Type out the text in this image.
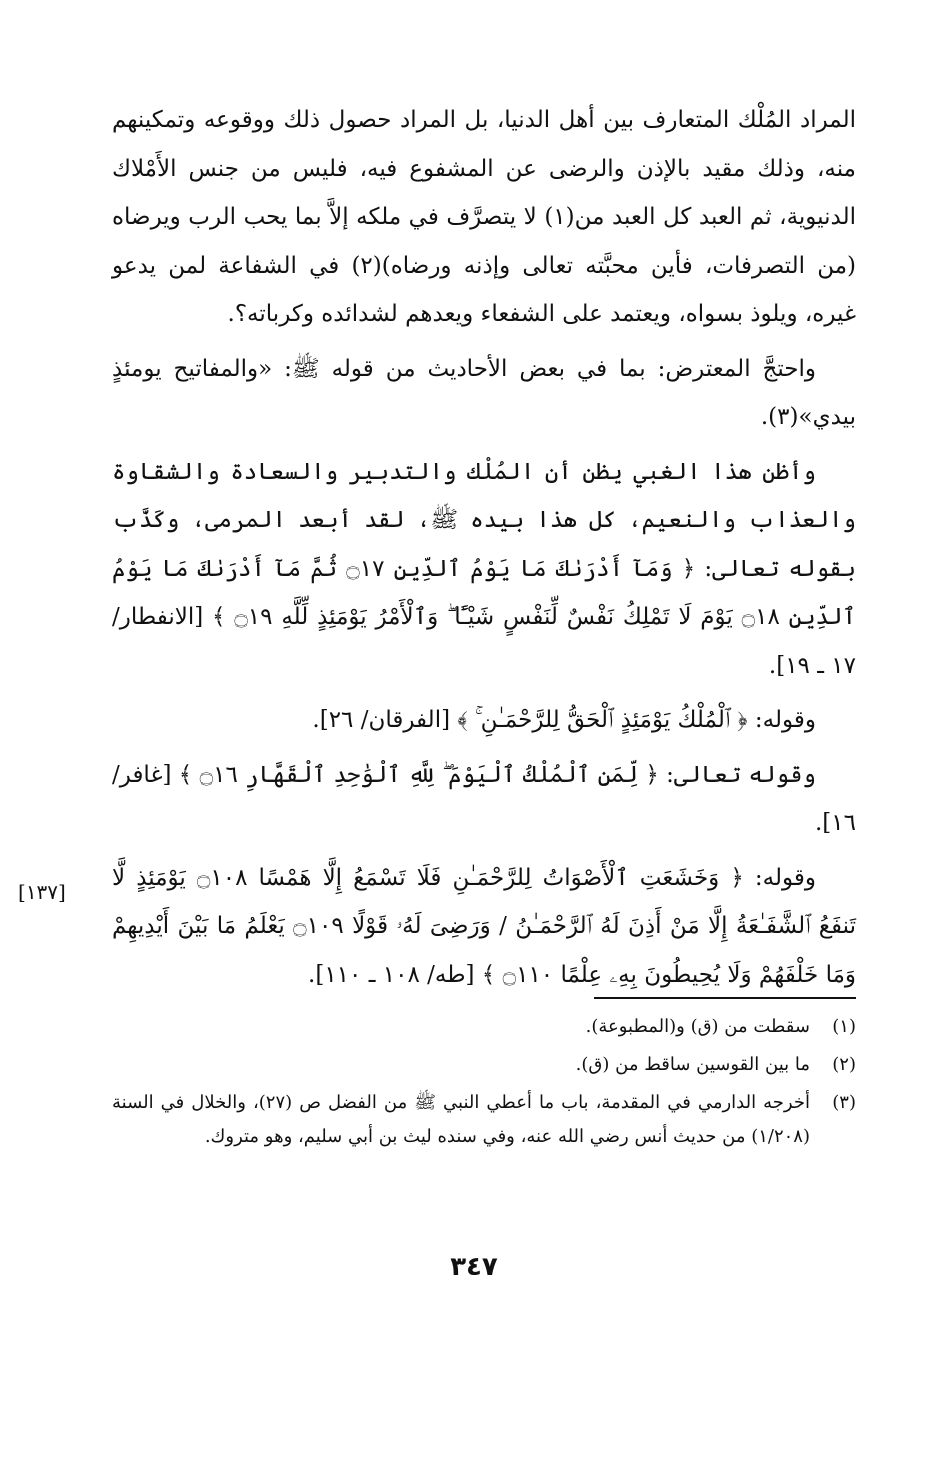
المراد المُلْك المتعارف بين أهل الدنيا، بل المراد حصول ذلك ووقوعه وتمكينهم منه، وذلك مقيد بالإذن والرضى عن المشفوع فيه، فليس من جنس الأَمْلاك الدنيوية، ثم العبد كل العبد من(١) لا يتصرَّف في ملكه إلاَّ بما يحب الرب ويرضاه (من التصرفات، فأين محبَّته تعالى وإذنه ورضاه)(٢) في الشفاعة لمن يدعو غيره، ويلوذ بسواه، ويعتمد على الشفعاء ويعدهم لشدائده وكرباته؟.

واحتجَّ المعترض: بما في بعض الأحاديث من قوله ﷺ: «والمفاتيح يومئذٍ بيدي»(٣).

وأظن هذا الغبي يظن أن المُلْك والتدبير والسعادة والشقاوة والعذاب والنعيم، كل هذا بيده ﷺ، لقد أبعد المرمى، وكَذَّب بقوله تعالى: ﴿ وَمَآ أَدْرَىٰكَ مَا يَوْمُ ٱلدِّينِ ۝١٧ ثُمَّ مَآ أَدْرَىٰكَ مَا يَوْمُ ٱلدِّينِ ۝١٨ يَوْمَ لَا تَمْلِكُ نَفْسٌ لِّنَفْسٍ شَيْـًٔا ۖ وَٱلْأَمْرُ يَوْمَئِذٍ لِّلَّهِ ۝١٩ ﴾ [الانفطار/ ١٧ ـ ١٩].

وقوله: ﴿ ٱلْمُلْكُ يَوْمَئِذٍ ٱلْحَقُّ لِلرَّحْمَـٰنِ ۚ ﴾ [الفرقان/ ٢٦].

وقوله تعالى: ﴿ لِّمَنِ ٱلْمُلْكُ ٱلْيَوْمَ ۖ لِلَّهِ ٱلْوَٰحِدِ ٱلْقَهَّارِ ۝١٦ ﴾ [غافر/ ١٦].

وقوله: ﴿ وَخَشَعَتِ ٱلْأَصْوَاتُ لِلرَّحْمَـٰنِ فَلَا تَسْمَعُ إِلَّا هَمْسًا ۝١٠٨ يَوْمَئِذٍ لَّا تَنفَعُ ٱلشَّفَـٰعَةُ إِلَّا مَنْ أَذِنَ لَهُ ٱلرَّحْمَـٰنُ / وَرَضِىَ لَهُۥ قَوْلًا ۝١٠٩ يَعْلَمُ مَا بَيْنَ أَيْدِيهِمْ وَمَا خَلْفَهُمْ وَلَا يُحِيطُونَ بِهِۦ عِلْمًا ۝١١٠ ﴾ [طه/ ١٠٨ ـ ١١٠].

[١٣٧]
(١)
سقطت من (ق) و(المطبوعة).
(٢)
ما بين القوسين ساقط من (ق).
(٣)
أخرجه الدارمي في المقدمة، باب ما أعطي النبي ﷺ من الفضل ص (٢٧)، والخلال في السنة (١/٢٠٨) من حديث أنس رضي الله عنه، وفي سنده ليث بن أبي سليم، وهو متروك.
٣٤٧
